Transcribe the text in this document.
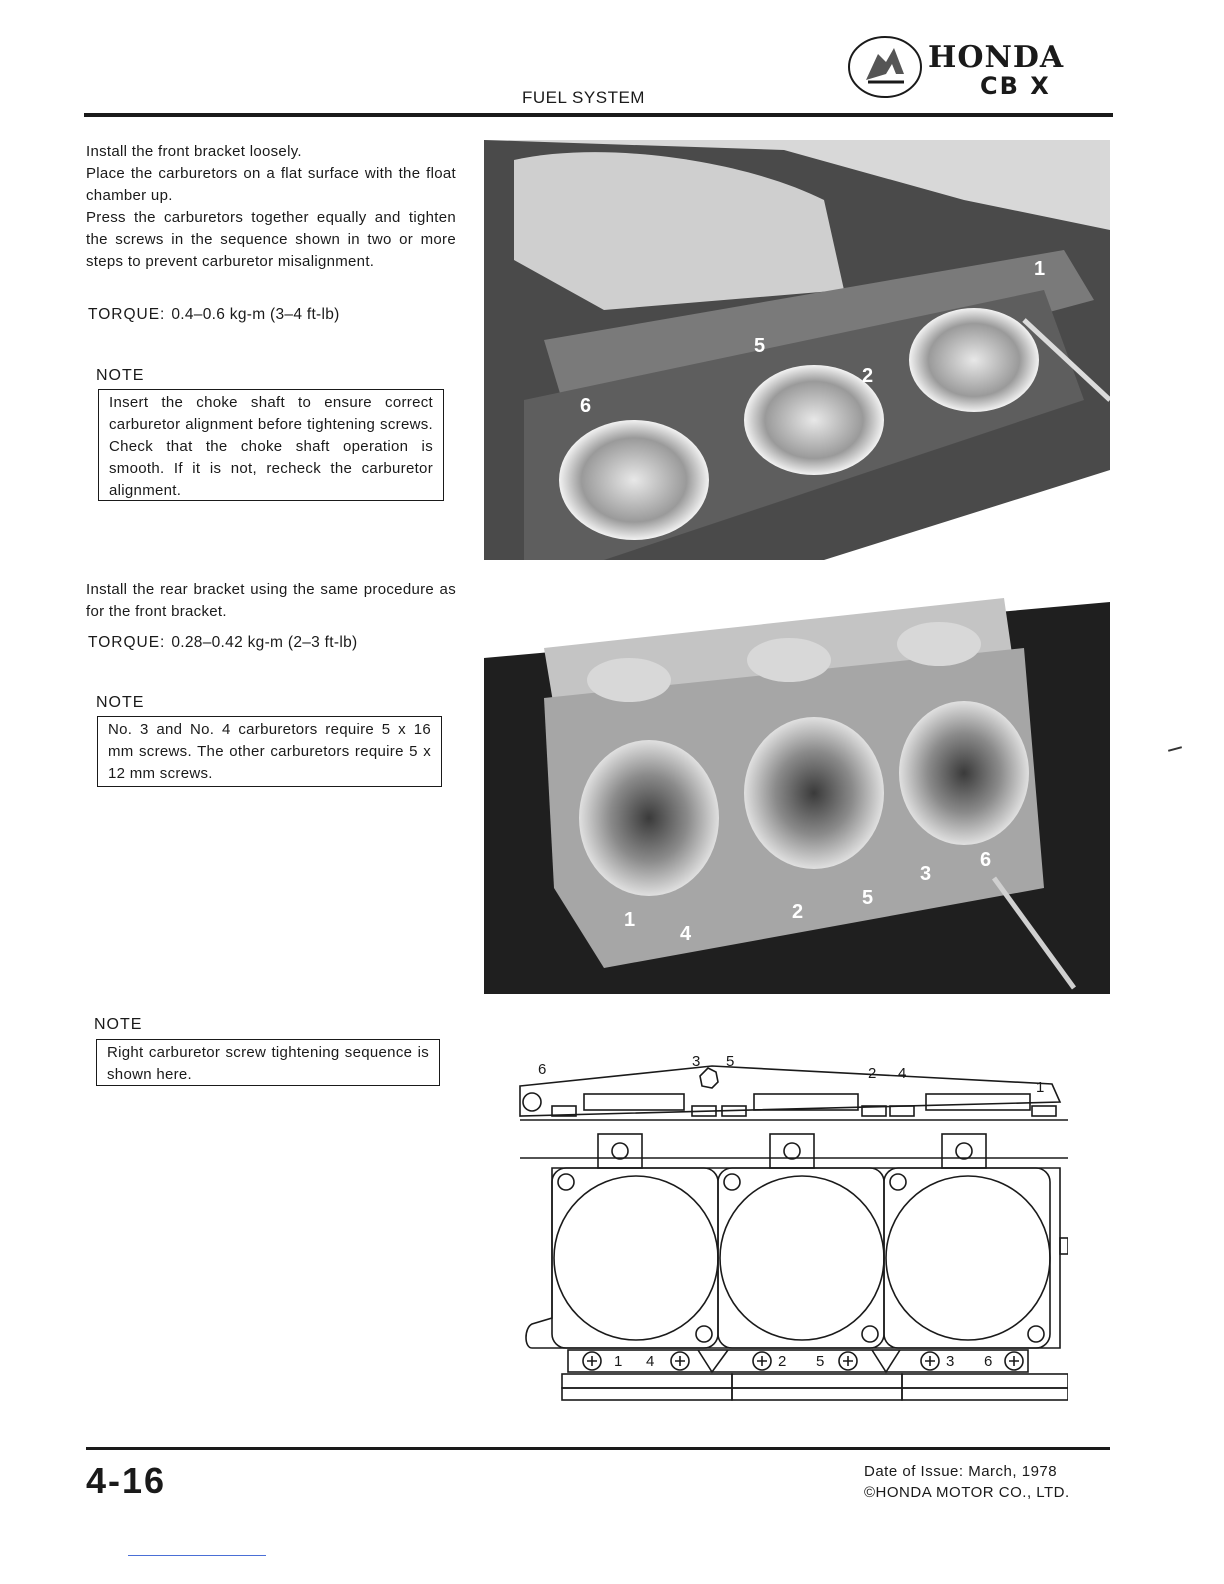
FUEL SYSTEM
HONDA
CB X

Install the front bracket loosely.

Place the carburetors on a flat surface with the float chamber up.

Press the carburetors together equally and tighten the screws in the sequence shown in two or more steps to prevent carburetor misalignment.

TORQUE: 0.4–0.6 kg-m (3–4 ft-lb)
NOTE
Insert the choke shaft to ensure correct carburetor alignment before tightening screws. Check that the choke shaft operation is smooth. If it is not, recheck the carburetor alignment.
1
2
5
6
Install the rear bracket using the same procedure as for the front bracket.
TORQUE: 0.28–0.42 kg-m (2–3 ft-lb)
NOTE
No. 3 and No. 4 carburetors require 5 x 16 mm screws. The other carburetors require 5 x 12 mm screws.
1	2
3
4
5
6
NOTE
Right carburetor screw tightening sequence is shown here.	6	3 5
2 4
1
1 4	2 5	3 6
4-16	Date of Issue: March, 1978
©HONDA MOTOR CO., LTD.
